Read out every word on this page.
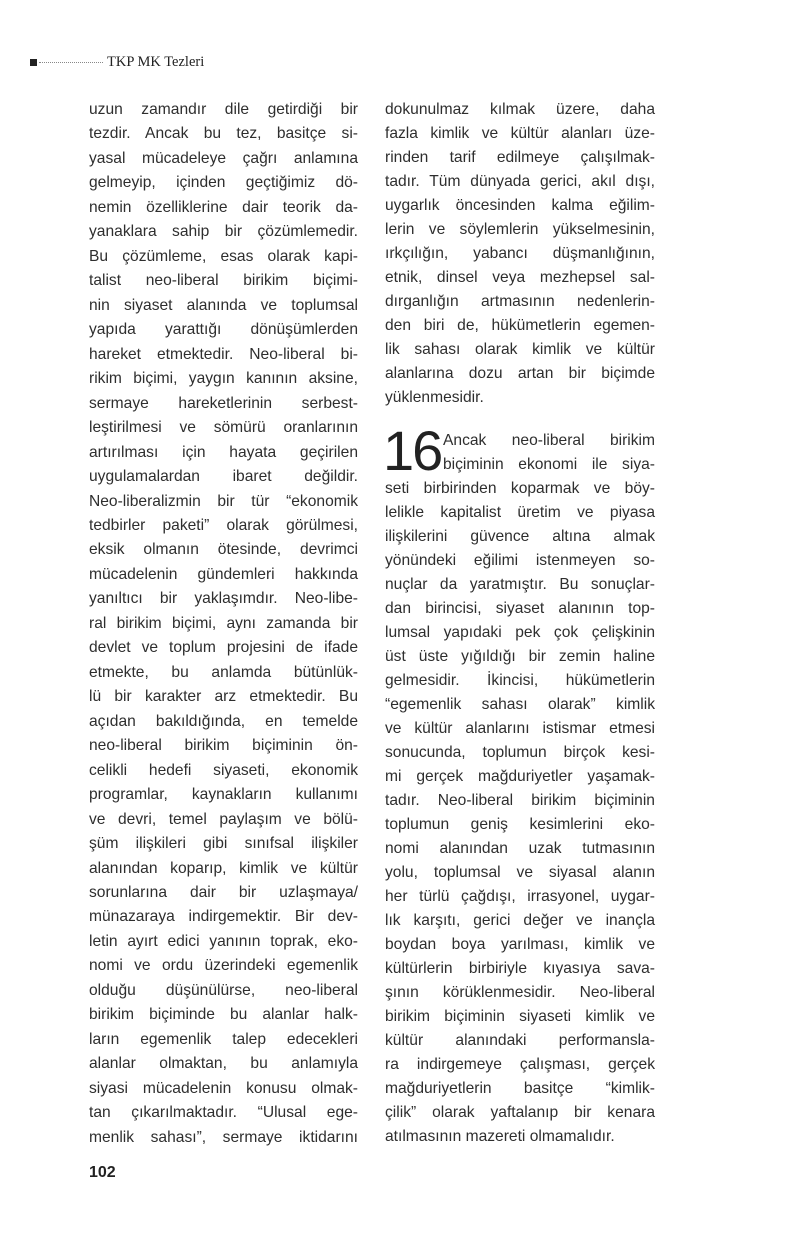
TKP MK Tezleri
uzun zamandır dile getirdiği bir
tezdir. Ancak bu tez, basitçe si-
yasal mücadeleye çağrı anlamına
gelmeyip, içinden geçtiğimiz dö-
nemin özelliklerine dair teorik da-
yanaklara sahip bir çözümlemedir.
Bu çözümleme, esas olarak kapi-
talist neo-liberal birikim biçimi-
nin siyaset alanında ve toplumsal
yapıda yarattığı dönüşümlerden
hareket etmektedir. Neo-liberal bi-
rikim biçimi, yaygın kanının aksine,
sermaye hareketlerinin serbest-
leştirilmesi ve sömürü oranlarının
artırılması için hayata geçirilen
uygulamalardan ibaret değildir.
Neo-liberalizmin bir tür “ekonomik
tedbirler paketi” olarak görülmesi,
eksik olmanın ötesinde, devrimci
mücadelenin gündemleri hakkında
yanıltıcı bir yaklaşımdır. Neo-libe-
ral birikim biçimi, aynı zamanda bir
devlet ve toplum projesini de ifade
etmekte, bu anlamda bütünlük-
lü bir karakter arz etmektedir. Bu
açıdan bakıldığında, en temelde
neo-liberal birikim biçiminin ön-
celikli hedefi siyaseti, ekonomik
programlar, kaynakların kullanımı
ve devri, temel paylaşım ve bölü-
şüm ilişkileri gibi sınıfsal ilişkiler
alanından koparıp, kimlik ve kültür
sorunlarına dair bir uzlaşmaya/
münazaraya indirgemektir. Bir dev-
letin ayırt edici yanının toprak, eko-
nomi ve ordu üzerindeki egemenlik
olduğu düşünülürse, neo-liberal
birikim biçiminde bu alanlar halk-
ların egemenlik talep edecekleri
alanlar olmaktan, bu anlamıyla
siyasi mücadelenin konusu olmak-
tan çıkarılmaktadır. “Ulusal ege-
menlik sahası”, sermaye iktidarını
dokunulmaz kılmak üzere, daha
fazla kimlik ve kültür alanları üze-
rinden tarif edilmeye çalışılmak-
tadır. Tüm dünyada gerici, akıl dışı,
uygarlık öncesinden kalma eğilim-
lerin ve söylemlerin yükselmesinin,
ırkçılığın, yabancı düşmanlığının,
etnik, dinsel veya mezhepsel sal-
dırganlığın artmasının nedenlerin-
den biri de, hükümetlerin egemen-
lik sahası olarak kimlik ve kültür
alanlarına dozu artan bir biçimde
yüklenmesidir.
16 Ancak neo-liberal birikim
biçiminin ekonomi ile siya-
seti birbirinden koparmak ve böy-
lelikle kapitalist üretim ve piyasa
ilişkilerini güvence altına almak
yönündeki eğilimi istenmeyen so-
nuçlar da yaratmıştır. Bu sonuçlar-
dan birincisi, siyaset alanının top-
lumsal yapıdaki pek çok çelişkinin
üst üste yığıldığı bir zemin haline
gelmesidir. İkincisi, hükümetlerin
“egemenlik sahası olarak” kimlik
ve kültür alanlarını istismar etmesi
sonucunda, toplumun birçok kesi-
mi gerçek mağduriyetler yaşamak-
tadır. Neo-liberal birikim biçiminin
toplumun geniş kesimlerini eko-
nomi alanından uzak tutmasının
yolu, toplumsal ve siyasal alanın
her türlü çağdışı, irrasyonel, uygar-
lık karşıtı, gerici değer ve inançla
boydan boya yarılması, kimlik ve
kültürlerin birbiriyle kıyasıya sava-
şının körüklenmesidir. Neo-liberal
birikim biçiminin siyaseti kimlik ve
kültür alanındaki performansla-
ra indirgemeye çalışması, gerçek
mağduriyetlerin basitçe “kimlik-
çilik” olarak yaftalanıp bir kenara
atılmasının mazereti olmamalıdır.
102
